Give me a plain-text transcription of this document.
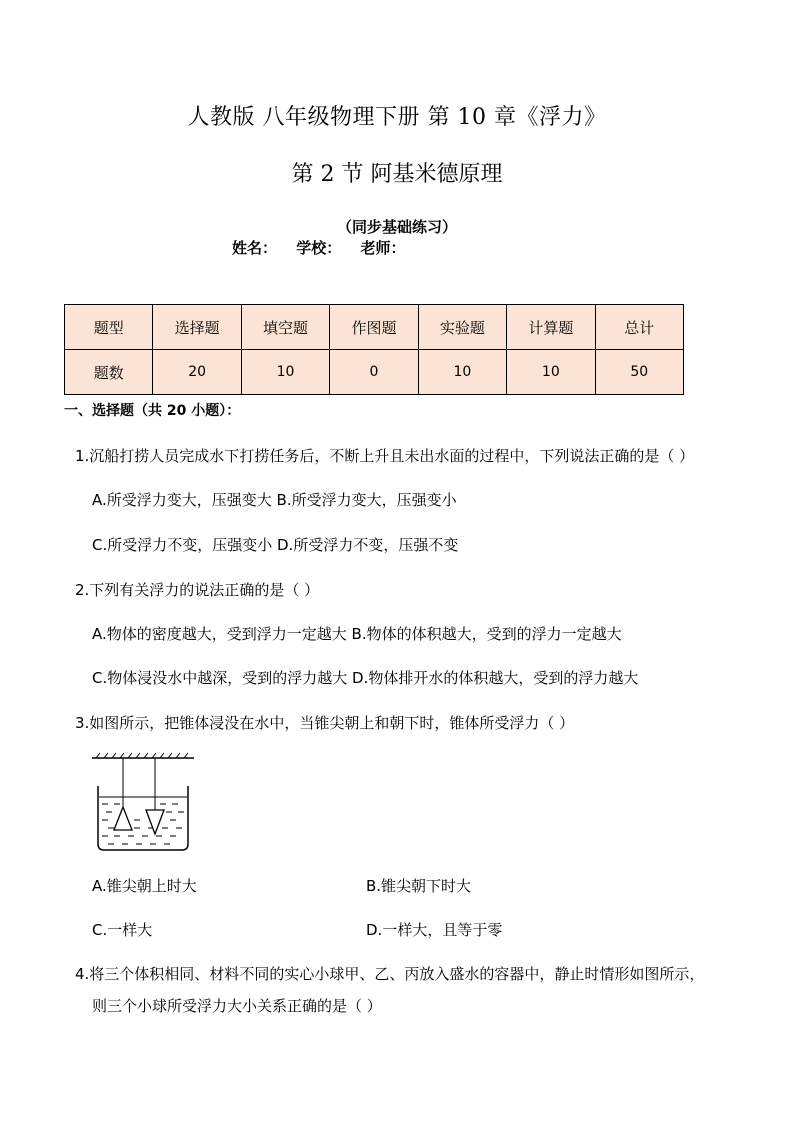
人教版 八年级物理下册 第 10 章《浮力》
第 2 节 阿基米德原理
（同步基础练习）
姓名： 学校： 老师：
题型	选择题	填空题	作图题	实验题	计算题	总计
题数	20	10	0	10	10	50
一、选择题（共 20 小题）：
1.沉船打捞人员完成水下打捞任务后，不断上升且未出水面的过程中，下列说法正确的是（ ）
A.所受浮力变大，压强变大 B.所受浮力变大，压强变小
C.所受浮力不变，压强变小 D.所受浮力不变，压强不变
2.下列有关浮力的说法正确的是（ ）
A.物体的密度越大，受到浮力一定越大 B.物体的体积越大，受到的浮力一定越大
C.物体浸没水中越深，受到的浮力越大 D.物体排开水的体积越大，受到的浮力越大
3.如图所示，把锥体浸没在水中，当锥尖朝上和朝下时，锥体所受浮力（ ）
A.锥尖朝上时大	B.锥尖朝下时大
C.一样大	D.一样大，且等于零
4.将三个体积相同、材料不同的实心小球甲、乙、丙放入盛水的容器中，静止时情形如图所示，
则三个小球所受浮力大小关系正确的是（ ）
